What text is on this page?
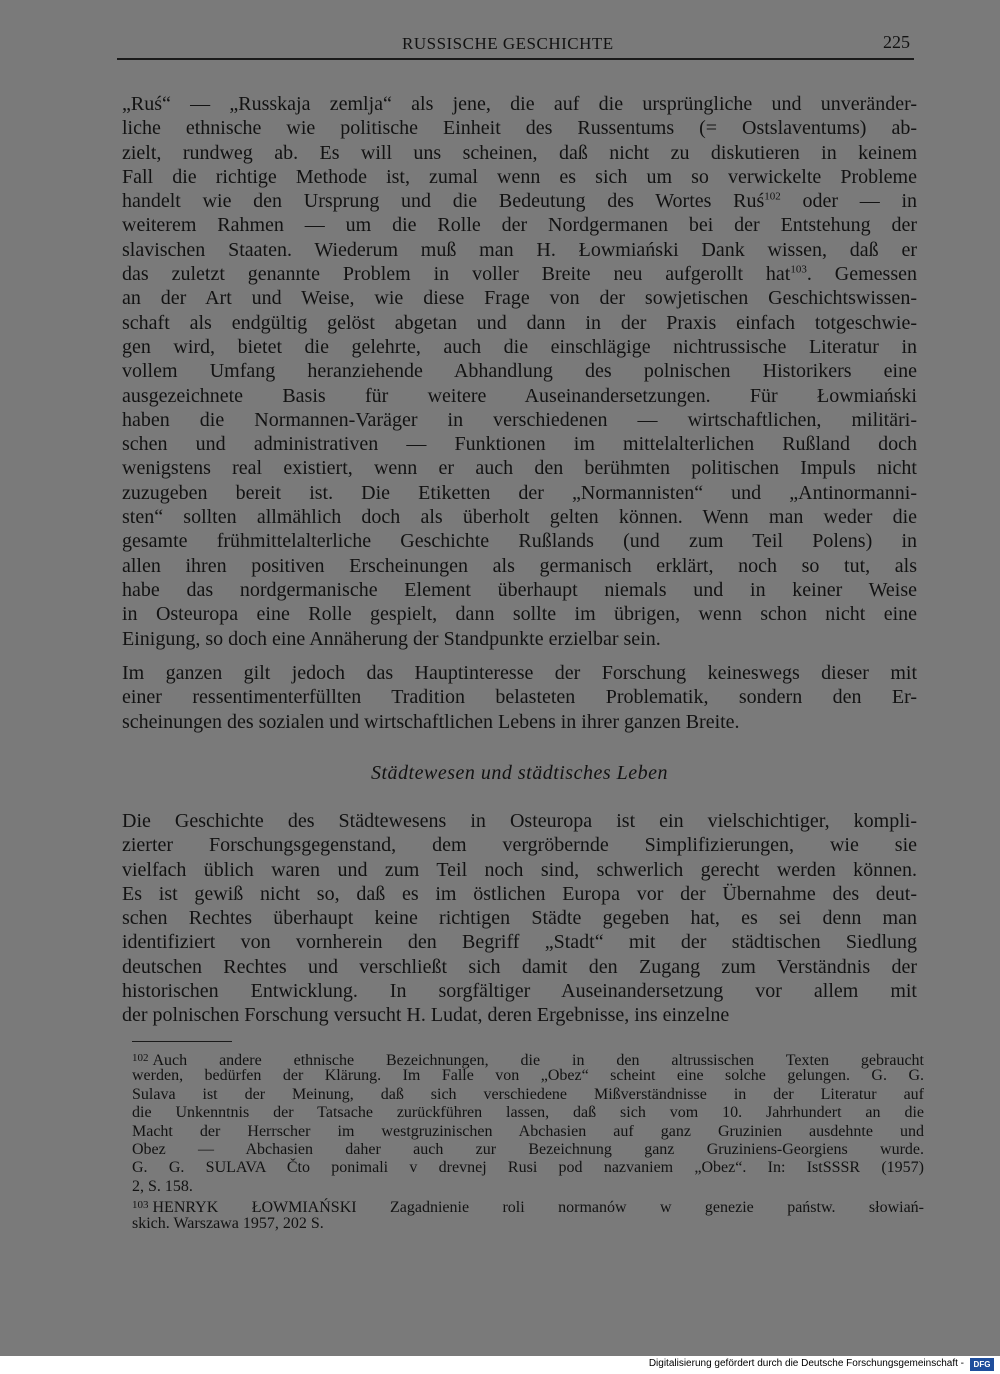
RUSSISCHE GESCHICHTE	225
„Ruś“ — „Russkaja zemlja“ als jene, die auf die ursprüngliche und unveränder-
liche ethnische wie politische Einheit des Russentums (= Ostslaventums) ab-
zielt, rundweg ab. Es will uns scheinen, daß nicht zu diskutieren in keinem
Fall die richtige Methode ist, zumal wenn es sich um so verwickelte Probleme
handelt wie den Ursprung und die Bedeutung des Wortes Ruś$^{102}$ oder — in
weiterem Rahmen — um die Rolle der Nordgermanen bei der Entstehung der
slavischen Staaten. Wiederum muß man H. Łowmiański Dank wissen, daß er
das zuletzt genannte Problem in voller Breite neu aufgerollt hat$^{103}$. Gemessen
an der Art und Weise, wie diese Frage von der sowjetischen Geschichtswissen-
schaft als endgültig gelöst abgetan und dann in der Praxis einfach totgeschwie-
gen wird, bietet die gelehrte, auch die einschlägige nichtrussische Literatur in
vollem Umfang heranziehende Abhandlung des polnischen Historikers eine
ausgezeichnete Basis für weitere Auseinandersetzungen. Für Łowmiański
haben die Normannen-Varäger in verschiedenen — wirtschaftlichen, militäri-
schen und administrativen — Funktionen im mittelalterlichen Rußland doch
wenigstens real existiert, wenn er auch den berühmten politischen Impuls nicht
zuzugeben bereit ist. Die Etiketten der „Normannisten“ und „Antinormanni-
sten“ sollten allmählich doch als überholt gelten können. Wenn man weder die
gesamte frühmittelalterliche Geschichte Rußlands (und zum Teil Polens) in
allen ihren positiven Erscheinungen als germanisch erklärt, noch so tut, als
habe das nordgermanische Element überhaupt niemals und in keiner Weise
in Osteuropa eine Rolle gespielt, dann sollte im übrigen, wenn schon nicht eine
Einigung, so doch eine Annäherung der Standpunkte erzielbar sein.
Im ganzen gilt jedoch das Hauptinteresse der Forschung keineswegs dieser mit
einer ressentimenterfüllten Tradition belasteten Problematik, sondern den Er-
scheinungen des sozialen und wirtschaftlichen Lebens in ihrer ganzen Breite.
Städtewesen und städtisches Leben
Die Geschichte des Städtewesens in Osteuropa ist ein vielschichtiger, kompli-
zierter Forschungsgegenstand, dem vergröbernde Simplifizierungen, wie sie
vielfach üblich waren und zum Teil noch sind, schwerlich gerecht werden können.
Es ist gewiß nicht so, daß es im östlichen Europa vor der Übernahme des deut-
schen Rechtes überhaupt keine richtigen Städte gegeben hat, es sei denn man
identifiziert von vornherein den Begriff „Stadt“ mit der städtischen Siedlung
deutschen Rechtes und verschließt sich damit den Zugang zum Verständnis der
historischen Entwicklung. In sorgfältiger Auseinandersetzung vor allem mit
der polnischen Forschung versucht H. Ludat, deren Ergebnisse, ins einzelne
$^{102}$ Auch andere ethnische Bezeichnungen, die in den altrussischen Texten gebraucht
werden, bedürfen der Klärung. Im Falle von „Obez“ scheint eine solche gelungen. G. G.
Sulava ist der Meinung, daß sich verschiedene Mißverständnisse in der Literatur auf
die Unkenntnis der Tatsache zurückführen lassen, daß sich vom 10. Jahrhundert an die
Macht der Herrscher im westgruzinischen Abchasien auf ganz Gruzinien ausdehnte und
Obez — Abchasien daher auch zur Bezeichnung ganz Gruziniens-Georgiens wurde.
G. G. SULAVA Čto ponimali v drevnej Rusi pod nazvaniem „Obez“. In: IstSSSR (1957)
2, S. 158.
$^{103}$ HENRYK ŁOWMIAŃSKI Zagadnienie roli normanów w genezie państw. słowiań-
skich. Warszawa 1957, 202 S.
Digitalisierung gefördert durch die Deutsche Forschungsgemeinschaft -	DFG
